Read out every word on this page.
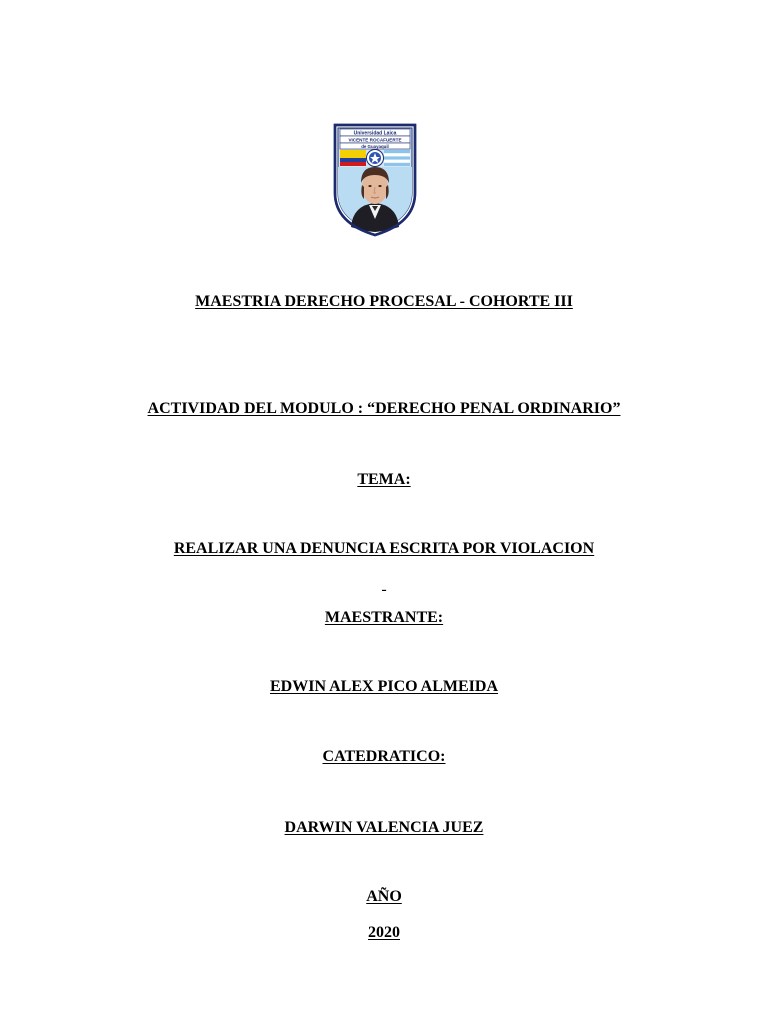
Universidad Laica
VICENTE ROCAFUERTE
de Guayaquil
MAESTRIA DERECHO PROCESAL - COHORTE III
ACTIVIDAD DEL MODULO : “DERECHO PENAL ORDINARIO”
TEMA:
REALIZAR UNA DENUNCIA ESCRITA POR VIOLACION
-
MAESTRANTE:
EDWIN ALEX PICO ALMEIDA
CATEDRATICO:
DARWIN VALENCIA JUEZ
AÑO
2020
